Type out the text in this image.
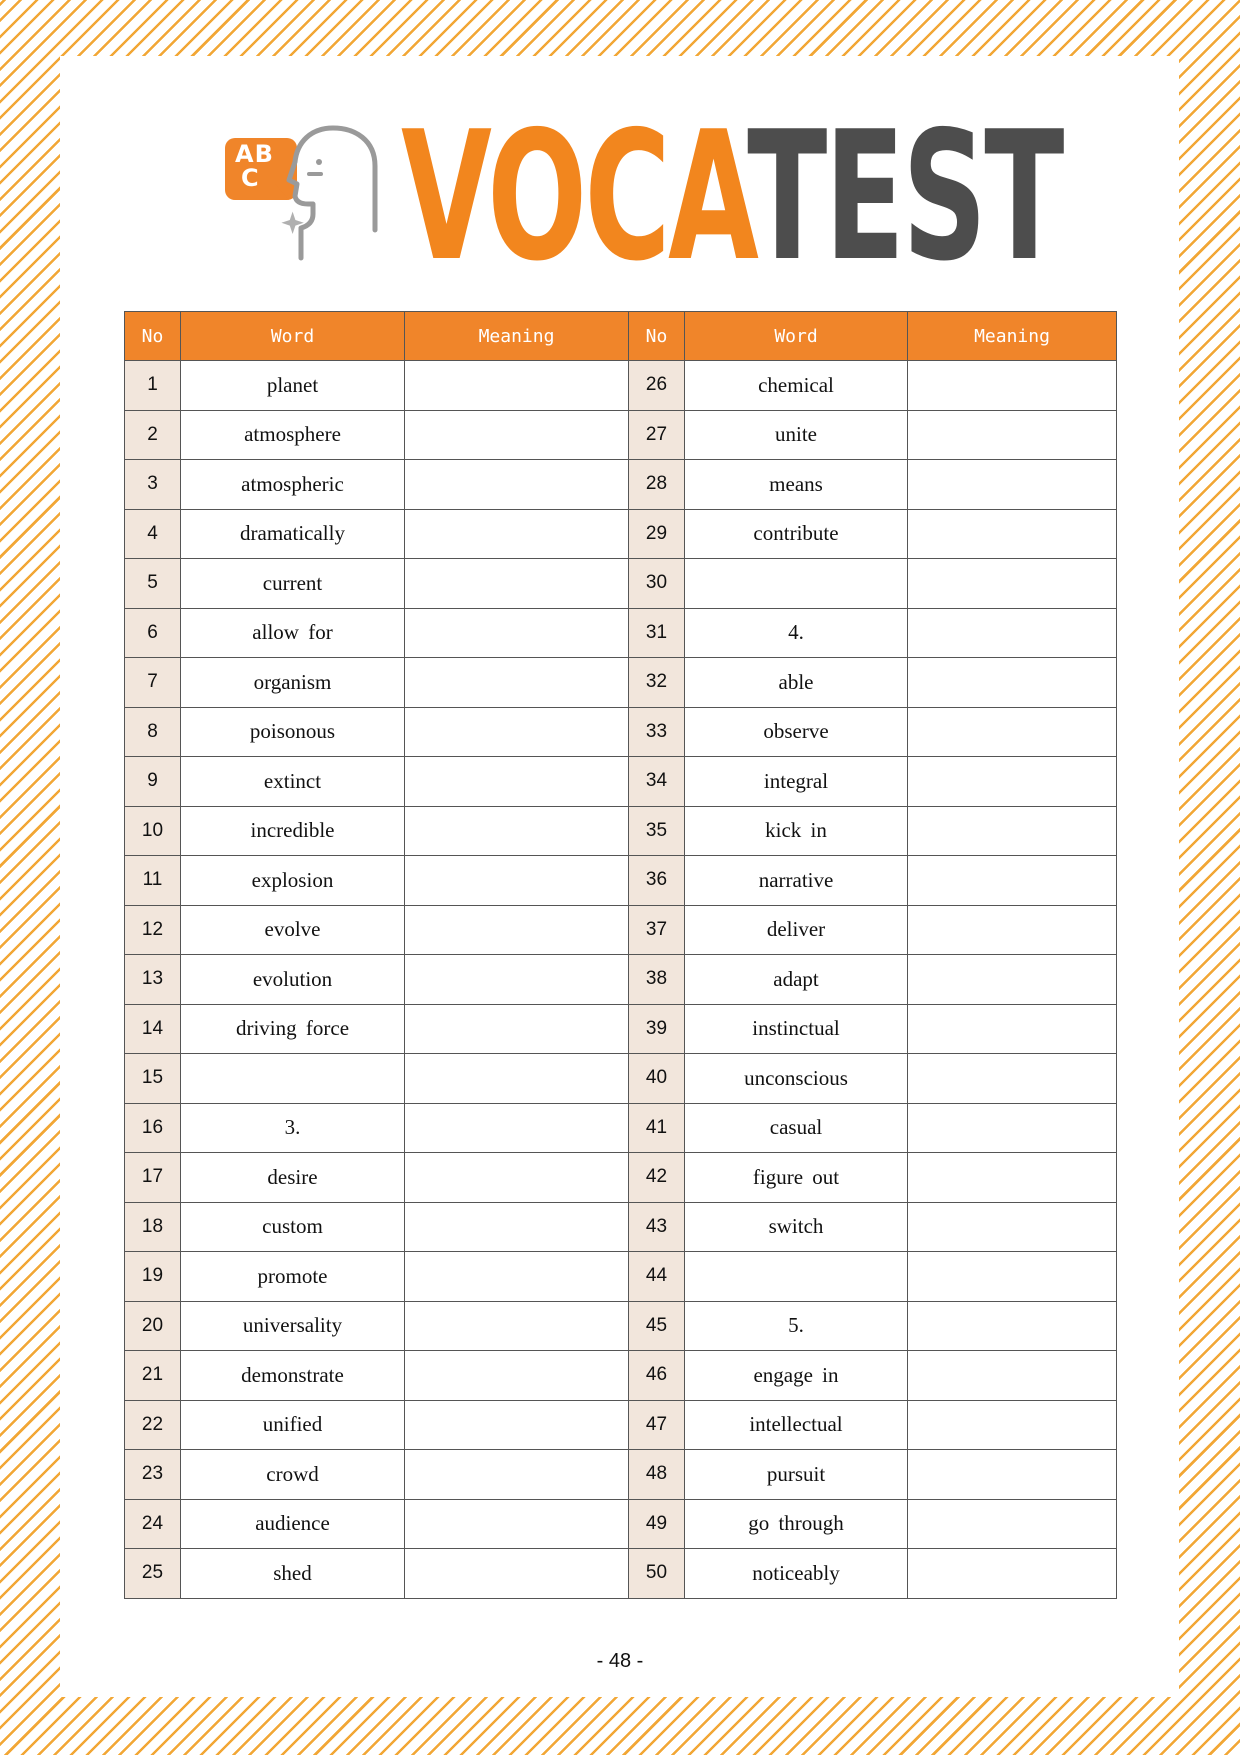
AB
C VOCATEST
No	Word	Meaning	No	Word	Meaning
1	planet		26	chemical	
2	atmosphere		27	unite	
3	atmospheric		28	means	
4	dramatically		29	contribute	
5	current		30		
6	allow for		31	4.	
7	organism		32	able	
8	poisonous		33	observe	
9	extinct		34	integral	
10	incredible		35	kick in	
11	explosion		36	narrative	
12	evolve		37	deliver	
13	evolution		38	adapt	
14	driving force		39	instinctual	
15			40	unconscious	
16	3.		41	casual	
17	desire		42	figure out	
18	custom		43	switch	
19	promote		44		
20	universality		45	5.	
21	demonstrate		46	engage in	
22	unified		47	intellectual	
23	crowd		48	pursuit	
24	audience		49	go through	
25	shed		50	noticeably	
- 48 -
